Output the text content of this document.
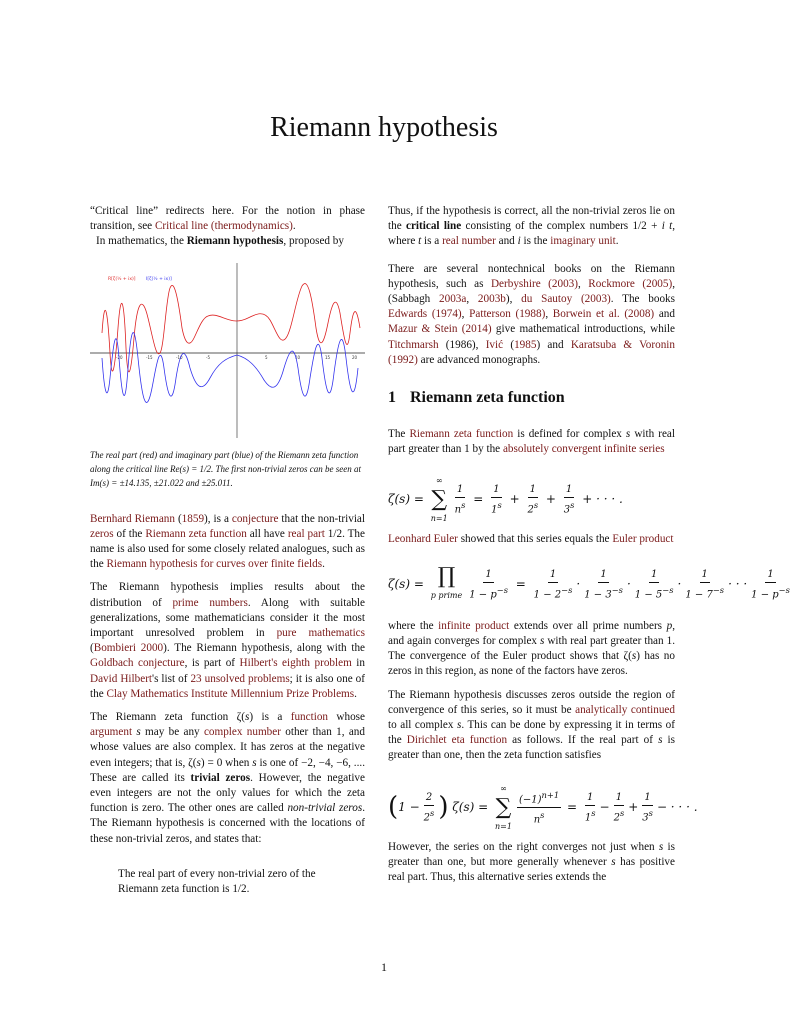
Riemann hypothesis

“Critical line” redirects here. For the notion in phase transition, see Critical line (thermodynamics).

In mathematics, the Riemann hypothesis, proposed by

-20	-15	-10	-5	5	10	15	20
R[ζ(½ + ix)] I[ζ(½ + ix)]
The real part (red) and imaginary part (blue) of the Riemann zeta function along the critical line Re(s) = 1/2. The first non-trivial zeros can be seen at Im(s) = ±14.135, ±21.022 and ±25.011.

Bernhard Riemann (1859), is a conjecture that the non-trivial zeros of the Riemann zeta function all have real part 1/2. The name is also used for some closely related analogues, such as the Riemann hypothesis for curves over finite fields.

The Riemann hypothesis implies results about the distribution of prime numbers. Along with suitable generalizations, some mathematicians consider it the most important unresolved problem in pure mathematics (Bombieri 2000). The Riemann hypothesis, along with the Goldbach conjecture, is part of Hilbert's eighth problem in David Hilbert's list of 23 unsolved problems; it is also one of the Clay Mathematics Institute Millennium Prize Problems.

The Riemann zeta function ζ(s) is a function whose argument s may be any complex number other than 1, and whose values are also complex. It has zeros at the negative even integers; that is, ζ(s) = 0 when s is one of −2, −4, −6, .... These are called its trivial zeros. However, the negative even integers are not the only values for which the zeta function is zero. The other ones are called non-trivial zeros. The Riemann hypothesis is concerned with the locations of these non-trivial zeros, and states that:

The real part of every non-trivial zero of the Riemann zeta function is 1/2.

Thus, if the hypothesis is correct, all the non-trivial zeros lie on the critical line consisting of the complex numbers 1/2 + i t, where t is a real number and i is the imaginary unit.

There are several nontechnical books on the Riemann hypothesis, such as Derbyshire (2003), Rockmore (2005), (Sabbagh 2003a, 2003b), du Sautoy (2003). The books Edwards (1974), Patterson (1988), Borwein et al. (2008) and Mazur & Stein (2014) give mathematical introductions, while Titchmarsh (1986), Ivić (1985) and Karatsuba & Voronin (1992) are advanced monographs.

1 Riemann zeta function

The Riemann zeta function is defined for complex s with real part greater than 1 by the absolutely convergent infinite series

ζ(s) =
∞
∑
n=1
$\frac{1}{n^s} = \frac{1}{1^s} + \frac{1}{2^s} + \frac{1}{3^s}$ + · · · .

Leonhard Euler showed that this series equals the Euler product

ζ(s) = ∏
p prime $\frac{1}{1 - p^{-s}} = \frac{1}{1 - 2^{-s}} \cdot \frac{1}{1 - 3^{-s}} \cdot \frac{1}{1 - 5^{-s}} \cdot \frac{1}{1 - 7^{-s}}$ · · · $\frac{1}{1 - p^{-s}}$

where the infinite product extends over all prime numbers p, and again converges for complex s with real part greater than 1. The convergence of the Euler product shows that ζ(s) has no zeros in this region, as none of the factors have zeros.

The Riemann hypothesis discusses zeros outside the region of convergence of this series, so it must be analytically continued to all complex s. This can be done by expressing it in terms of the Dirichlet eta function as follows. If the real part of s is greater than one, then the zeta function satisfies

( $1 - \frac{2}{2^s}$ ) ζ(s) =
∞
∑
$n=1 \frac{(-1)^{n+1}}{n^s} = \frac{1}{1^s} - \frac{1}{2^s} + \frac{1}{3^s}$ − · · · .

However, the series on the right converges not just when s is greater than one, but more generally whenever s has positive real part. Thus, this alternative series extends the

1
